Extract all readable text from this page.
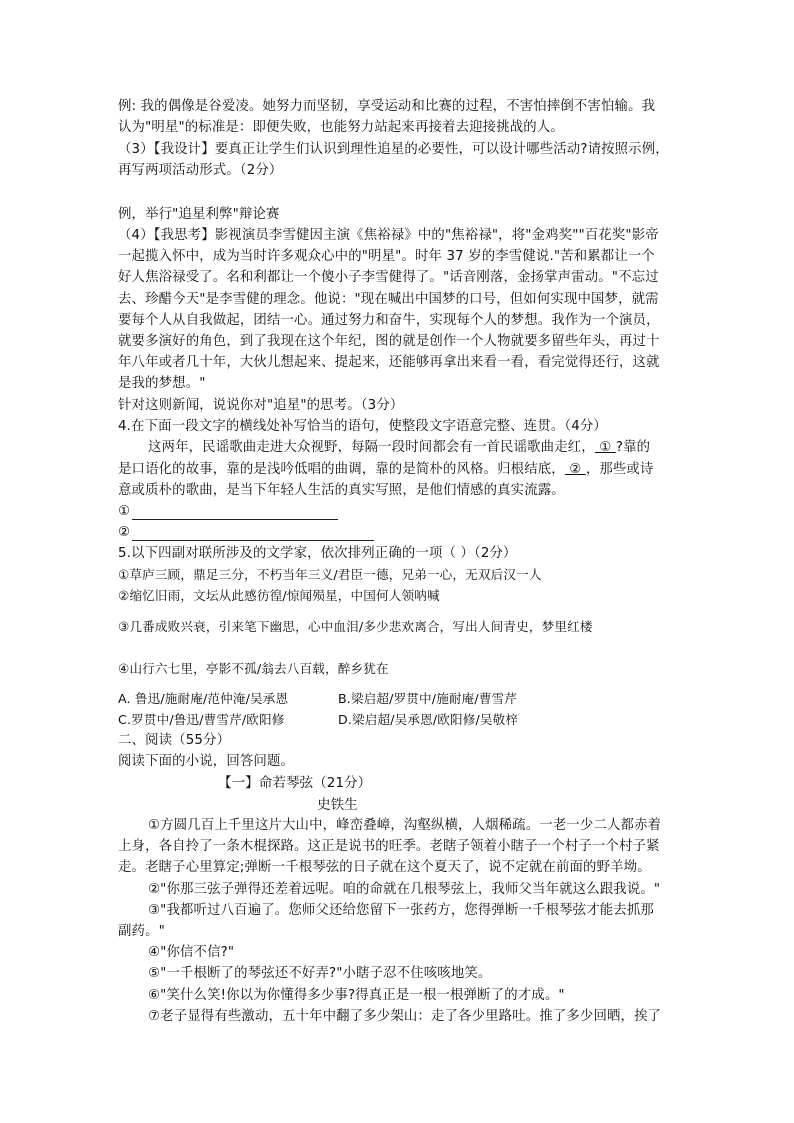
例: 我的偶像是谷爱凌。她努力而坚韧，享受运动和比赛的过程，不害怕摔倒不害怕输。我
认为"明星"的标准是：即便失败，也能努力站起来再接着去迎接挑战的人。
（3）【我设计】要真正让学生们认识到理性追星的必要性，可以设计哪些活动?请按照示例，
再写两项活动形式。（2分）
例，举行"追星利弊"辩论赛
（4）【我思考】影视演员李雪健因主演《焦裕禄》中的"焦裕禄"，将"金鸡奖""百花奖"影帝
一起揽入怀中，成为当时许多观众心中的"明星"。时年 37 岁的李雪健说."苦和累都让一个
好人焦浴禄受了。名和利都让一个傻小子李雪健得了。"话音刚落，金扬掌声雷动。"不忘过
去、珍醋今天"是李雪健的理念。他说："现在喊出中国梦的口号，但如何实现中国梦，就需
要每个人从自我做起，团结一心。通过努力和奋牛，实现每个人的梦想。我作为一个演员，
就要多演好的角色，到了我现在这个年纪，图的就是创作一个人物就要多留些年头，再过十
年八年或者几十年，大伙儿想起来、提起来，还能够再拿出来看一看，看完觉得还行，这就
是我的梦想。"
针对这则新闻，说说你对"追星"的思考。（3分）
4.在下面一段文字的横线处补写恰当的语句，使整段文字语意完整、连贯。（4分）
这两年，民谣歌曲走进大众视野，每隔一段时间都会有一首民谣歌曲走红， ① ?靠的
是口语化的故事，靠的是浅吟低唱的曲调，靠的是简朴的风格。归根结底， ② ，那些或诗
意或质朴的歌曲，是当下年轻人生活的真实写照，是他们情感的真实流露。
①
②
5.以下四副对联所涉及的文学家，依次排列正确的一项（ ）（2分）
①草庐三顾，鼎足三分，不朽当年三义/君臣一德，兄弟一心，无双后汉一人
②缩忆旧雨，文坛从此感彷徨/惊闻殒星，中国何人领呐喊
③几番成败兴衰，引来笔下幽思，心中血泪/多少悲欢离合，写出人间青史，梦里红楼
④山行六七里，亭影不孤/翁去八百载，醉乡犹在
A. 鲁迅/施耐庵/范仲淹/吴承恩	B.梁启超/罗贯中/施耐庵/曹雪芹
C.罗贯中/鲁迅/曹雪芹/欧阳修	D.梁启超/吴承恩/欧阳修/吴敬梓
二、阅读（55分）
阅读下面的小说，回答问题。
【一】命若琴弦（21分）
史铁生
①方圆几百上千里这片大山中，峰峦叠嶂，沟壑纵横，人烟稀疏。一老一少二人都赤着
上身，各自拎了一条木棍探路。这正是说书的旺季。老瞎子领着小瞎子一个村子一个村子紧
走。老瞎子心里算定;弹断一千根琴弦的日子就在这个夏天了，说不定就在前面的野羊坳。
②"你那三弦子弹得还差着远呢。咱的命就在几根琴弦上，我师父当年就这么跟我说。"
③"我都听过八百遍了。您师父还给您留下一张药方，您得弹断一千根琴弦才能去抓那
副药。"
④"你信不信?"
⑤"一千根断了的琴弦还不好弄?"小瞎子忍不住咳咳地笑。
⑥"笑什么笑!你以为你懂得多少事?得真正是一根一根弹断了的才成。"
⑦老子显得有些激动，五十年中翻了多少架山：走了各少里路吐。推了多少回晒，挨了
